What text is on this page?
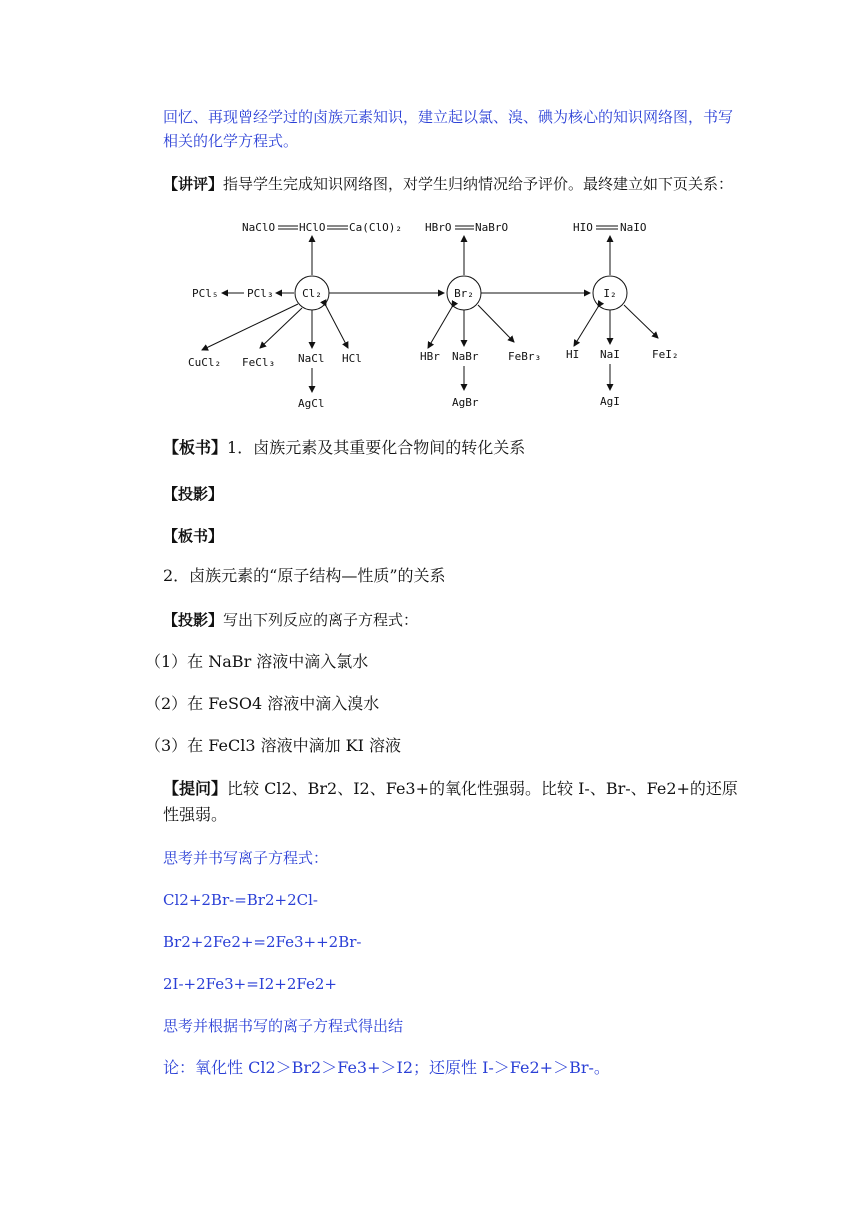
回忆、再现曾经学过的卤族元素知识，建立起以氯、溴、碘为核心的知识网络图，书写相关的化学方程式。

【讲评】指导学生完成知识网络图，对学生归纳情况给予评价。最终建立如下页关系：

Cl₂
NaClO HClO Ca(ClO)₂
PCl₅	PCl₃
CuCl₂ FeCl₃ NaCl HCl
AgCl
Br₂
HBrO NaBrO
HBr NaBr	FeBr₃
AgBr
I₂
HIO NaIO
HI NaI	FeI₂
AgI

【板书】1．卤族元素及其重要化合物间的转化关系

【投影】

【板书】

2．卤族元素的“原子结构—性质”的关系

【投影】写出下列反应的离子方程式：

（1）在 NaBr 溶液中滴入氯水

（2）在 FeSO4 溶液中滴入溴水

（3）在 FeCl3 溶液中滴加 KI 溶液

【提问】比较 Cl2、Br2、I2、Fe3+的氧化性强弱。比较 I-、Br-、Fe2+的还原性强弱。

思考并书写离子方程式：

Cl2+2Br-=Br2+2Cl-

Br2+2Fe2+=2Fe3++2Br-

2I-+2Fe3+=I2+2Fe2+

思考并根据书写的离子方程式得出结

论：氧化性 Cl2＞Br2＞Fe3+＞I2；还原性 I-＞Fe2+＞Br-。
